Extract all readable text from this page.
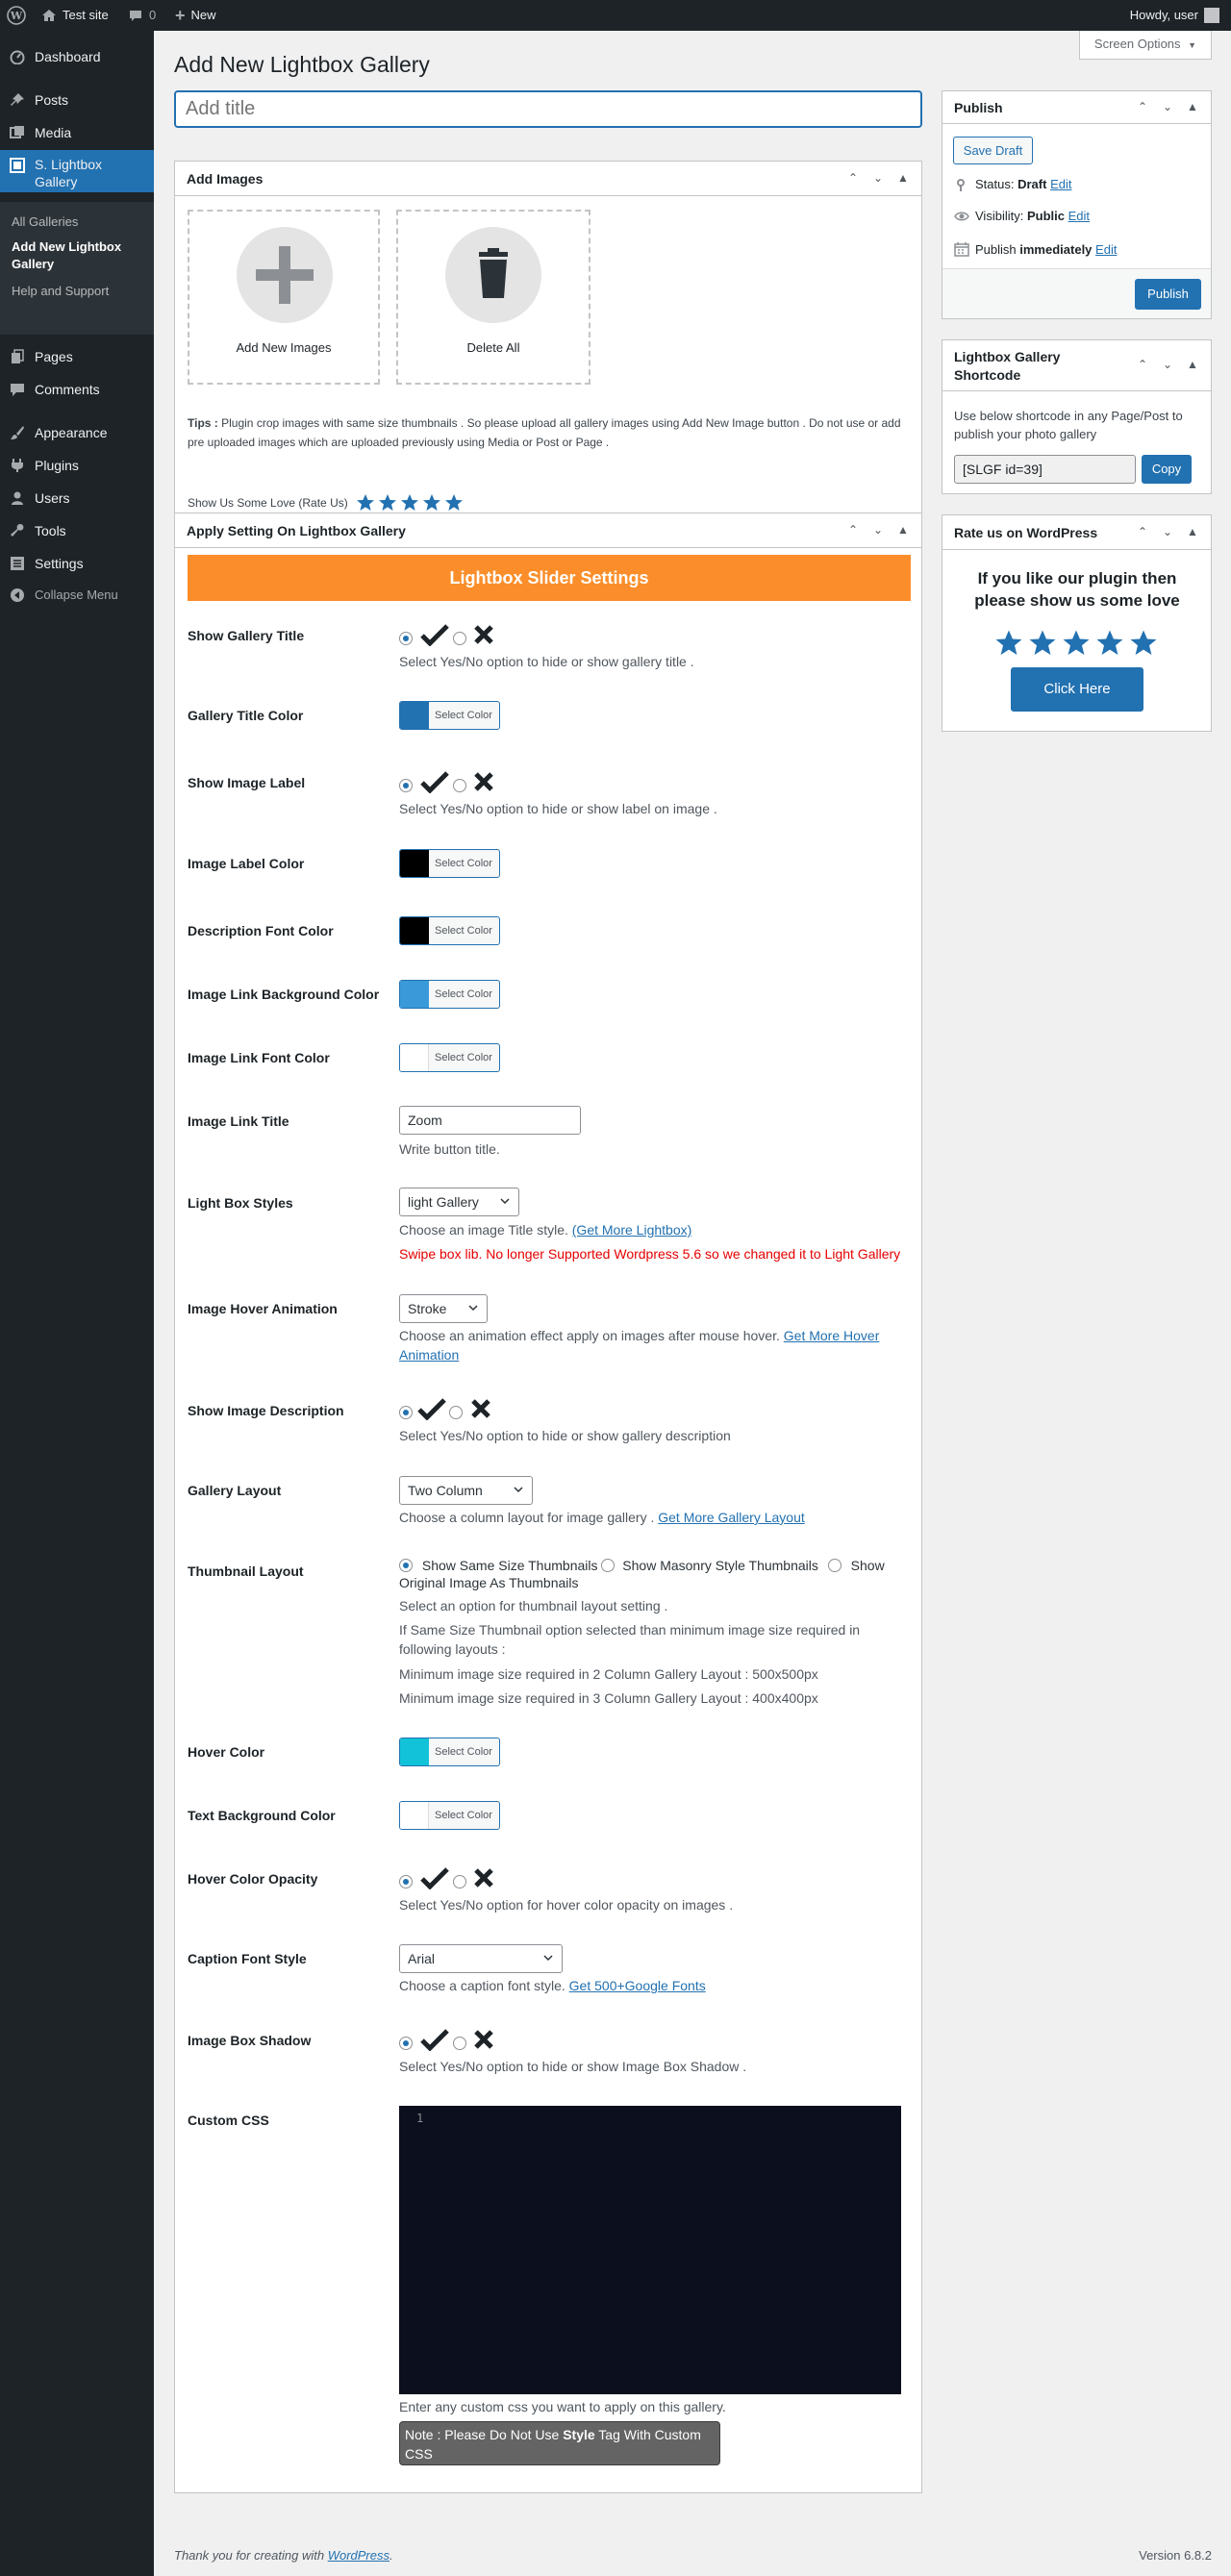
W	Test site	0 + New	Howdy, user
Dashboard
Posts
Media
S. Lightbox Gallery
All Galleries
Add New Lightbox Gallery
Help and Support
Pages
Comments
Appearance
Plugins
Users
Tools
Settings
Collapse Menu
Screen Options ▼
Add New Lightbox Gallery
Add title
Add Images	⌃	⌄	▲
Add New Images	Delete All
Tips : Plugin crop images with same size thumbnails . So please upload all gallery images using Add New Image button . Do not use or add pre uploaded images which are uploaded previously using Media or Post or Page .
Show Us Some Love (Rate Us)
Apply Setting On Lightbox Gallery	⌃	⌄	▲
Lightbox Slider Settings
Show Gallery Title
Select Yes/No option to hide or show gallery title .
Gallery Title Color	Select Color
Show Image Label
Select Yes/No option to hide or show label on image .
Image Label Color	Select Color
Description Font Color	Select Color
Image Link Background Color	Select Color
Image Link Font Color	Select Color
Image Link Title	Zoom
Write button title.
Light Box Styles	light Gallery
Choose an image Title style. (Get More Lightbox)
Swipe box lib. No longer Supported Wordpress 5.6 so we changed it to Light Gallery
Image Hover Animation	Stroke
Choose an animation effect apply on images after mouse hover. Get More Hover Animation
Show Image Description
Select Yes/No option to hide or show gallery description
Gallery Layout	Two Column
Choose a column layout for image gallery . Get More Gallery Layout
Thumbnail Layout	Show Same Size Thumbnails Show Masonry Style Thumbnails Show Original Image As Thumbnails
Select an option for thumbnail layout setting .
If Same Size Thumbnail option selected than minimum image size required in following layouts :
Minimum image size required in 2 Column Gallery Layout : 500x500px
Minimum image size required in 3 Column Gallery Layout : 400x400px
Hover Color	Select Color
Text Background Color	Select Color
Hover Color Opacity
Select Yes/No option for hover color opacity on images .
Caption Font Style	Arial
Choose a caption font style. Get 500+Google Fonts
Image Box Shadow
Select Yes/No option to hide or show Image Box Shadow .
Custom CSS	1
Enter any custom css you want to apply on this gallery.
Note : Please Do Not Use Style Tag With Custom CSS
Publish	⌃	⌄	▲
Save Draft
Status:
Draft
Edit
Visibility:
Public
Edit
Publish
immediately
Edit
Publish
Lightbox Gallery Shortcode
⌃	⌄	▲
Use below shortcode in any Page/Post to publish your photo gallery
[SLGF id=39]	Copy
Rate us on WordPress	⌃	⌄	▲
If you like our plugin then please show us some love
Click Here
Thank you for creating with WordPress.	Version 6.8.2
